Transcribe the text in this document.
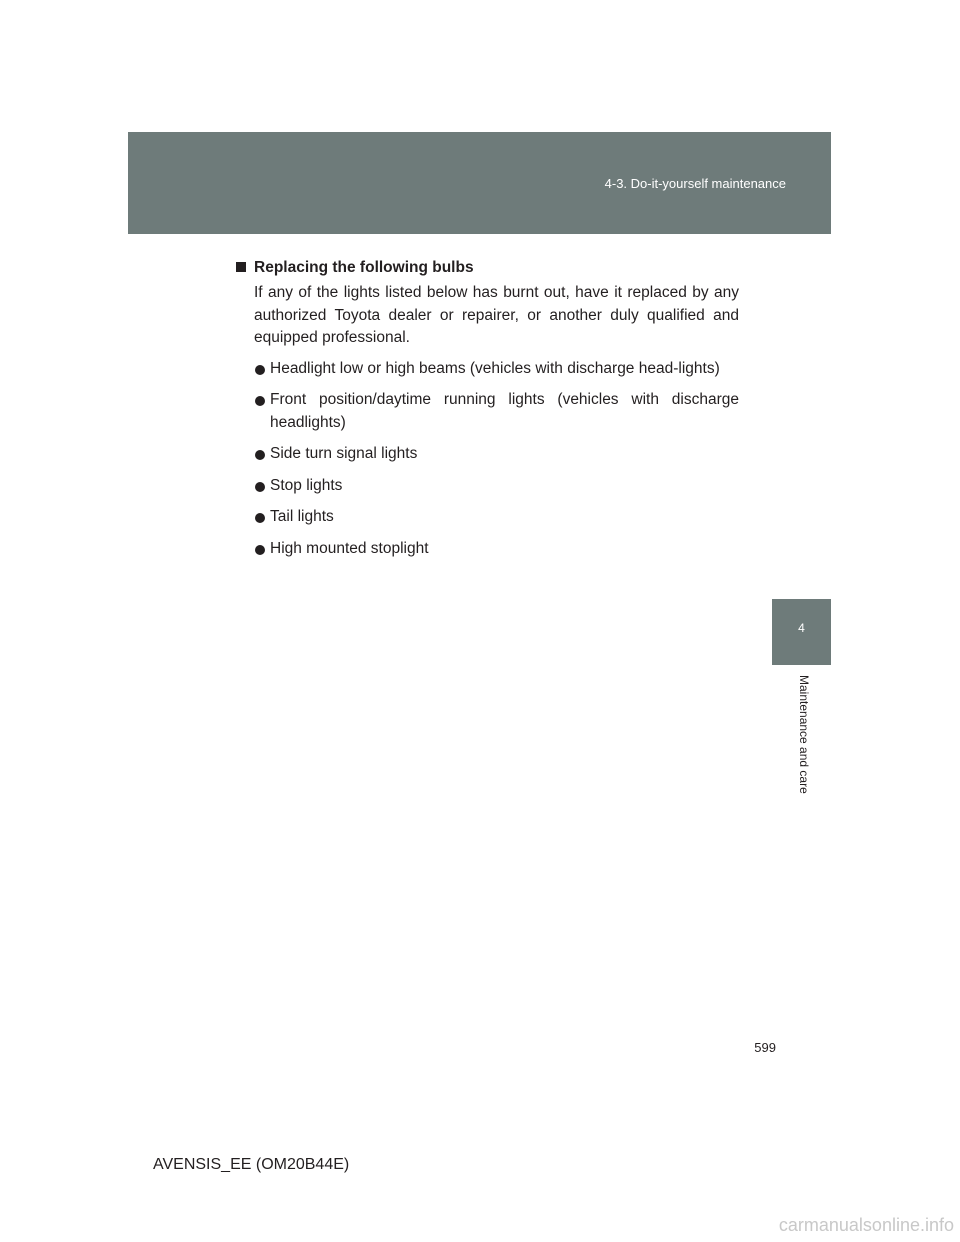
4-3. Do-it-yourself maintenance
4
Maintenance and care
Replacing the following bulbs
If any of the lights listed below has burnt out, have it replaced by any authorized Toyota dealer or repairer, or another duly qualified and equipped professional.
Headlight low or high beams (vehicles with discharge head-lights)
Front position/daytime running lights (vehicles with discharge headlights)
Side turn signal lights
Stop lights
Tail lights
High mounted stoplight
599
AVENSIS_EE (OM20B44E)
carmanualsonline.info
